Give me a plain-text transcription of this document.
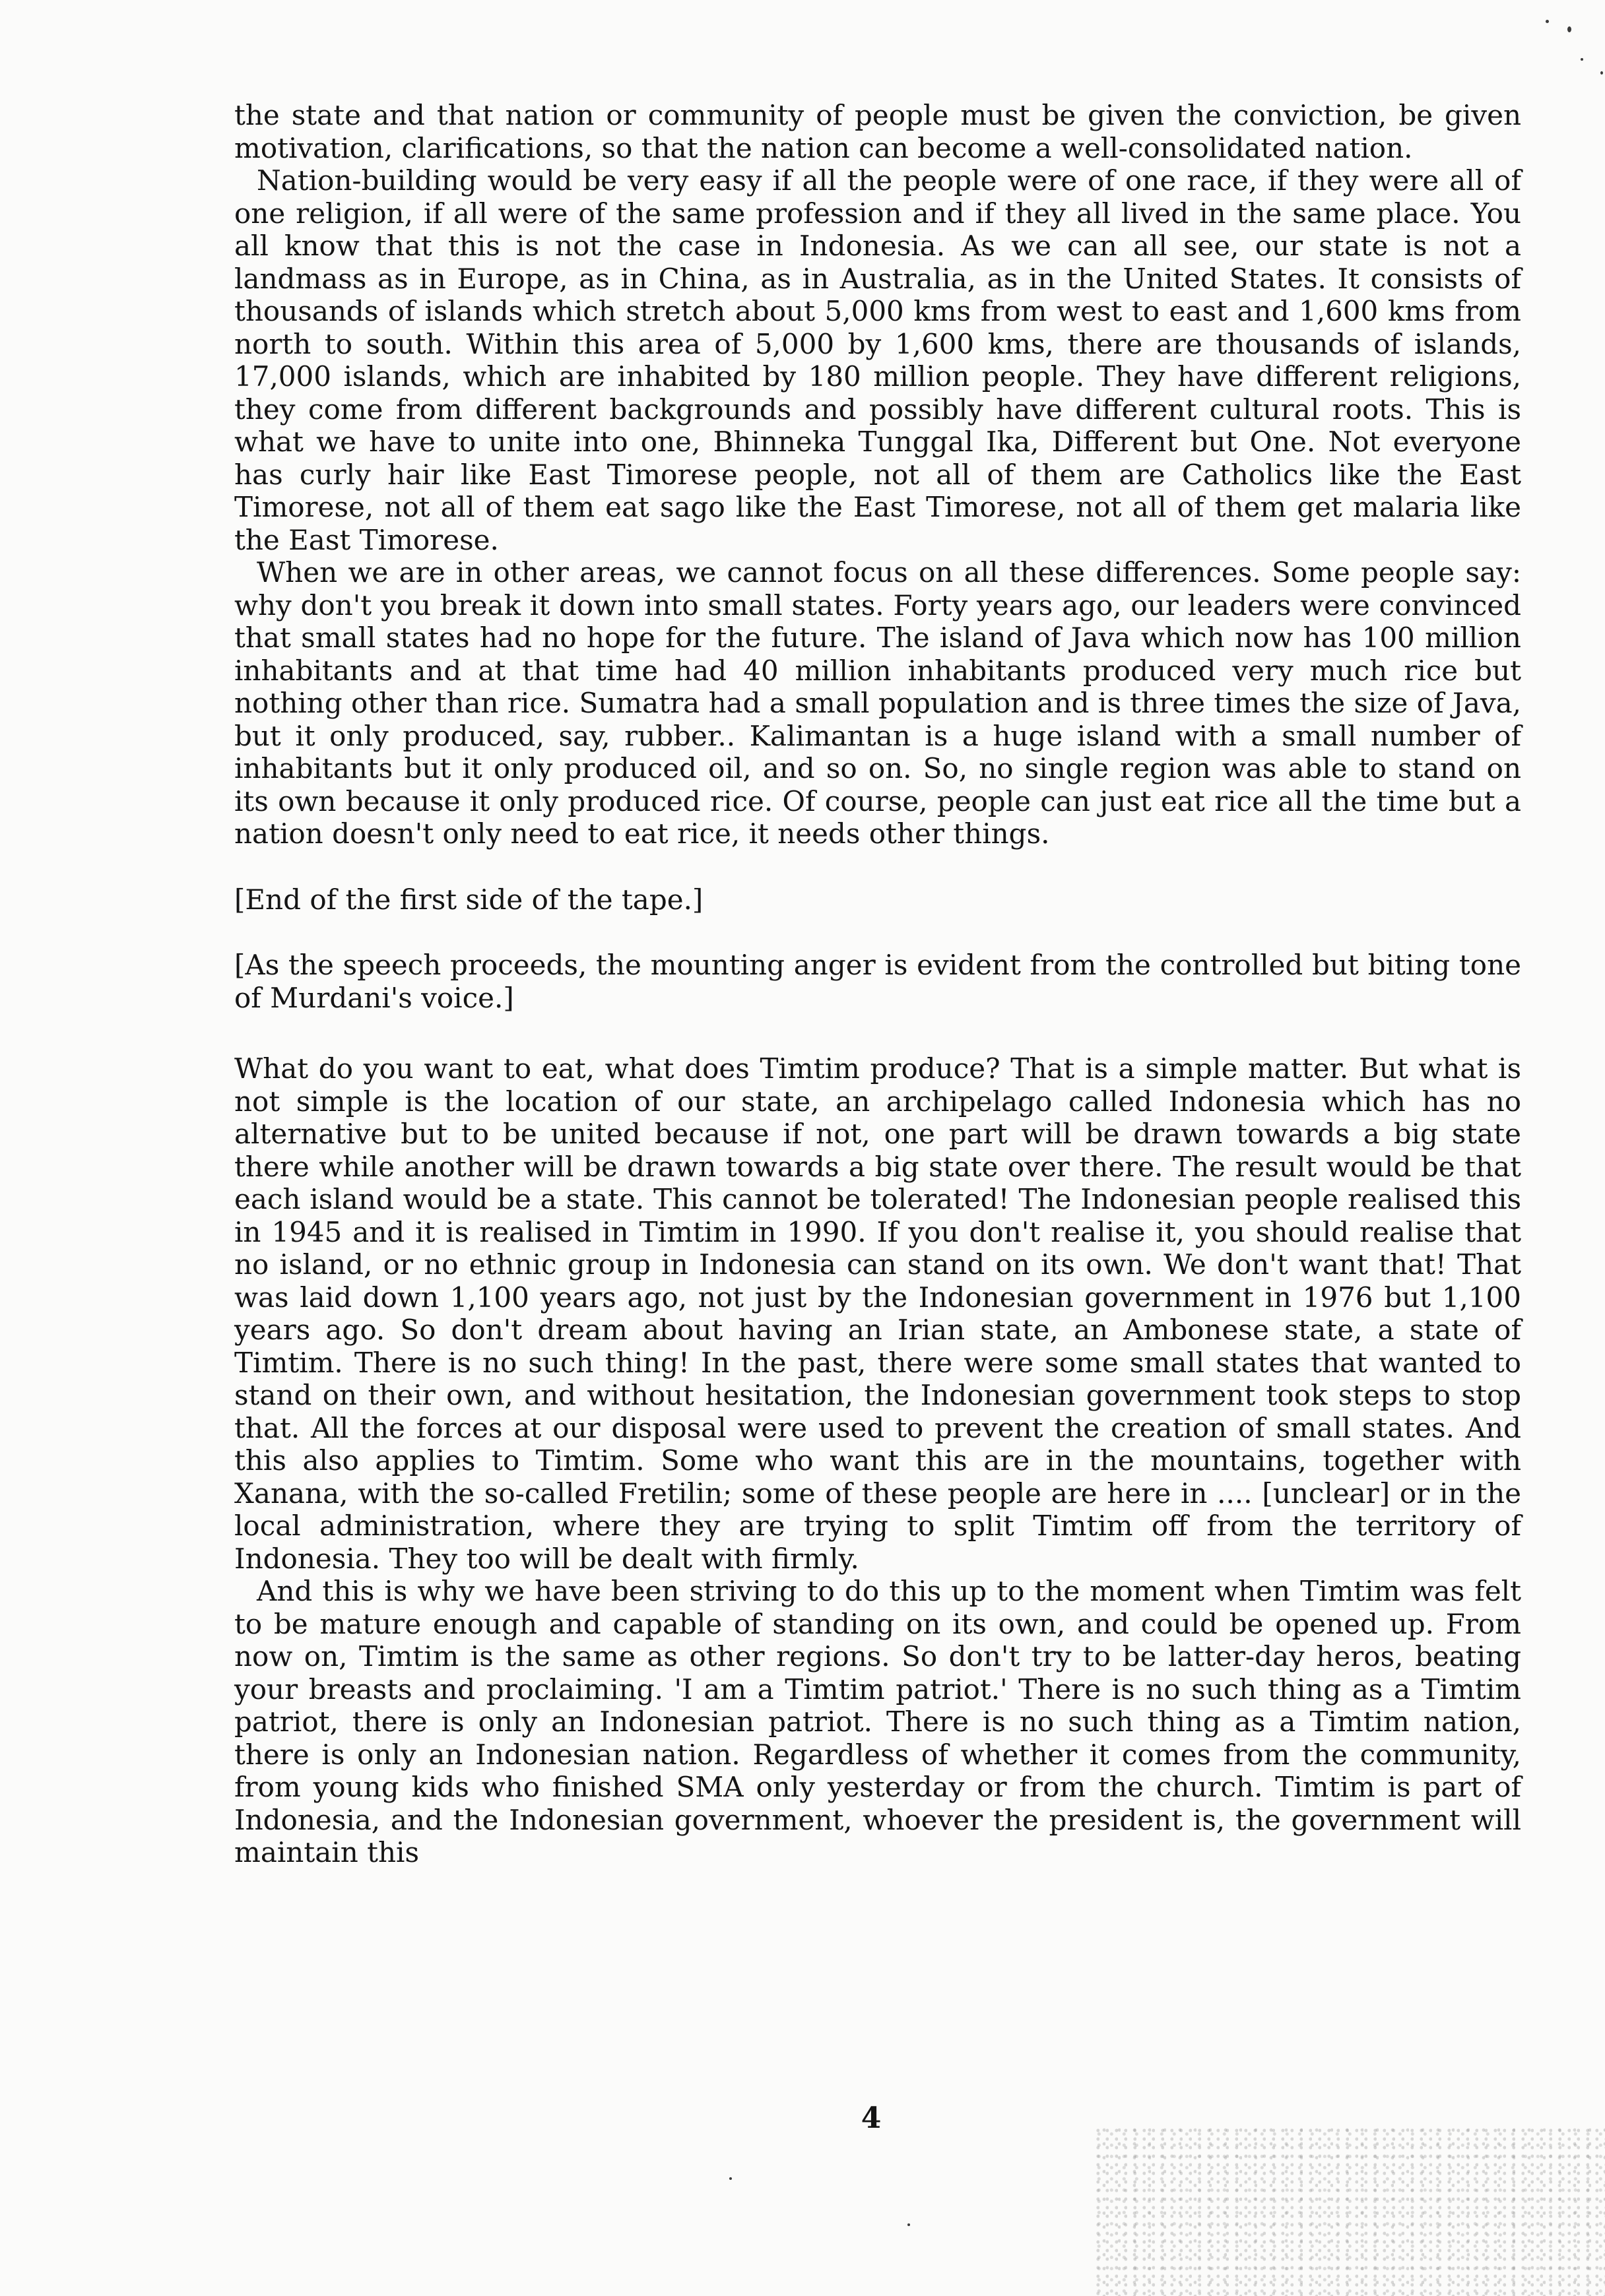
the state and that nation or community of people must be given the conviction, be given motivation, clarifications, so that the nation can become a well-consolidated nation.

Nation-building would be very easy if all the people were of one race, if they were all of one religion, if all were of the same profession and if they all lived in the same place. You all know that this is not the case in Indonesia. As we can all see, our state is not a landmass as in Europe, as in China, as in Australia, as in the United States. It consists of thousands of islands which stretch about 5,000 kms from west to east and 1,600 kms from north to south. Within this area of 5,000 by 1,600 kms, there are thousands of islands, 17,000 islands, which are inhabited by 180 million people. They have different religions, they come from different backgrounds and possibly have different cultural roots. This is what we have to unite into one, Bhinneka Tunggal Ika, Different but One. Not everyone has curly hair like East Timorese people, not all of them are Catholics like the East Timorese, not all of them eat sago like the East Timorese, not all of them get malaria like the East Timorese.

When we are in other areas, we cannot focus on all these differences. Some people say: why don't you break it down into small states. Forty years ago, our leaders were convinced that small states had no hope for the future. The island of Java which now has 100 million inhabitants and at that time had 40 million inhabitants produced very much rice but nothing other than rice. Sumatra had a small population and is three times the size of Java, but it only produced, say, rubber.. Kalimantan is a huge island with a small number of inhabitants but it only produced oil, and so on. So, no single region was able to stand on its own because it only produced rice. Of course, people can just eat rice all the time but a nation doesn't only need to eat rice, it needs other things.

[End of the first side of the tape.]

[As the speech proceeds, the mounting anger is evident from the controlled but biting tone of Murdani's voice.]

What do you want to eat, what does Timtim produce? That is a simple matter. But what is not simple is the location of our state, an archipelago called Indonesia which has no alternative but to be united because if not, one part will be drawn towards a big state there while another will be drawn towards a big state over there. The result would be that each island would be a state. This cannot be tolerated! The Indonesian people realised this in 1945 and it is realised in Timtim in 1990. If you don't realise it, you should realise that no island, or no ethnic group in Indonesia can stand on its own. We don't want that! That was laid down 1,100 years ago, not just by the Indonesian government in 1976 but 1,100 years ago. So don't dream about having an Irian state, an Ambonese state, a state of Timtim. There is no such thing! In the past, there were some small states that wanted to stand on their own, and without hesitation, the Indonesian government took steps to stop that. All the forces at our disposal were used to prevent the creation of small states. And this also applies to Timtim. Some who want this are in the mountains, together with Xanana, with the so-called Fretilin; some of these people are here in .... [unclear] or in the local administration, where they are trying to split Timtim off from the territory of Indonesia. They too will be dealt with firmly.

And this is why we have been striving to do this up to the moment when Timtim was felt to be mature enough and capable of standing on its own, and could be opened up. From now on, Timtim is the same as other regions. So don't try to be latter-day heros, beating your breasts and proclaiming. 'I am a Timtim patriot.' There is no such thing as a Timtim patriot, there is only an Indonesian patriot. There is no such thing as a Timtim nation, there is only an Indonesian nation. Regardless of whether it comes from the community, from young kids who finished SMA only yesterday or from the church. Timtim is part of Indonesia, and the Indonesian government, whoever the president is, the government will maintain this

4
